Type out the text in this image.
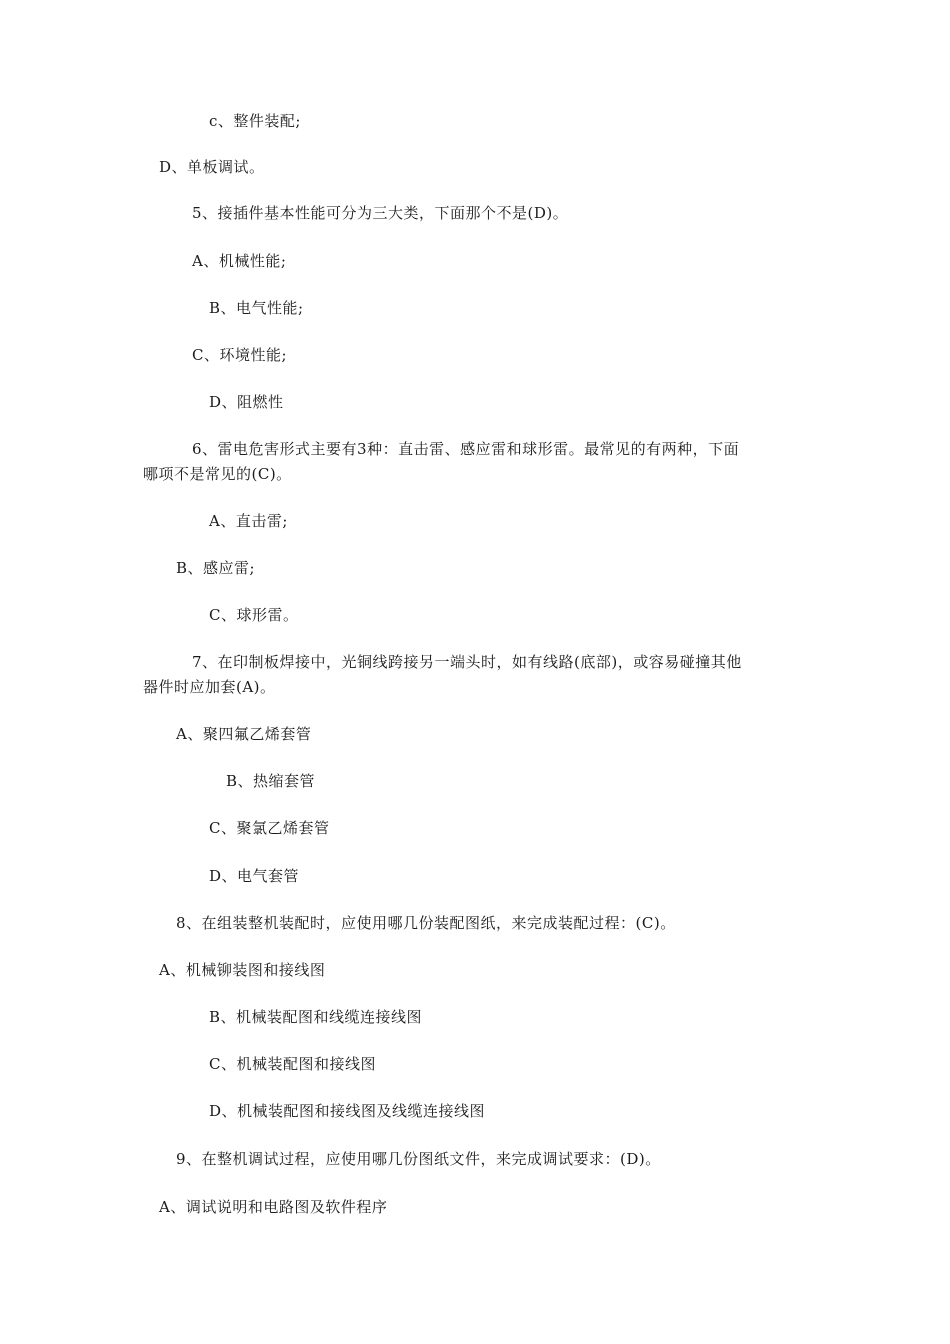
c、整件装配;
D、单板调试。
5、接插件基本性能可分为三大类，下面那个不是(D)。
A、机械性能;
B、电气性能;
C、环境性能;
D、阻燃性
6、雷电危害形式主要有3种：直击雷、感应雷和球形雷。最常见的有两种，下面
哪项不是常见的(C)。
A、直击雷;
B、感应雷;
C、球形雷。
7、在印制板焊接中，光铜线跨接另一端头时，如有线路(底部)，或容易碰撞其他
器件时应加套(A)。
A、聚四氟乙烯套管
B、热缩套管
C、聚氯乙烯套管
D、电气套管
8、在组装整机装配时，应使用哪几份装配图纸，来完成装配过程：(C)。
A、机械铆装图和接线图
B、机械装配图和线缆连接线图
C、机械装配图和接线图
D、机械装配图和接线图及线缆连接线图
9、在整机调试过程，应使用哪几份图纸文件，来完成调试要求：(D)。
A、调试说明和电路图及软件程序
